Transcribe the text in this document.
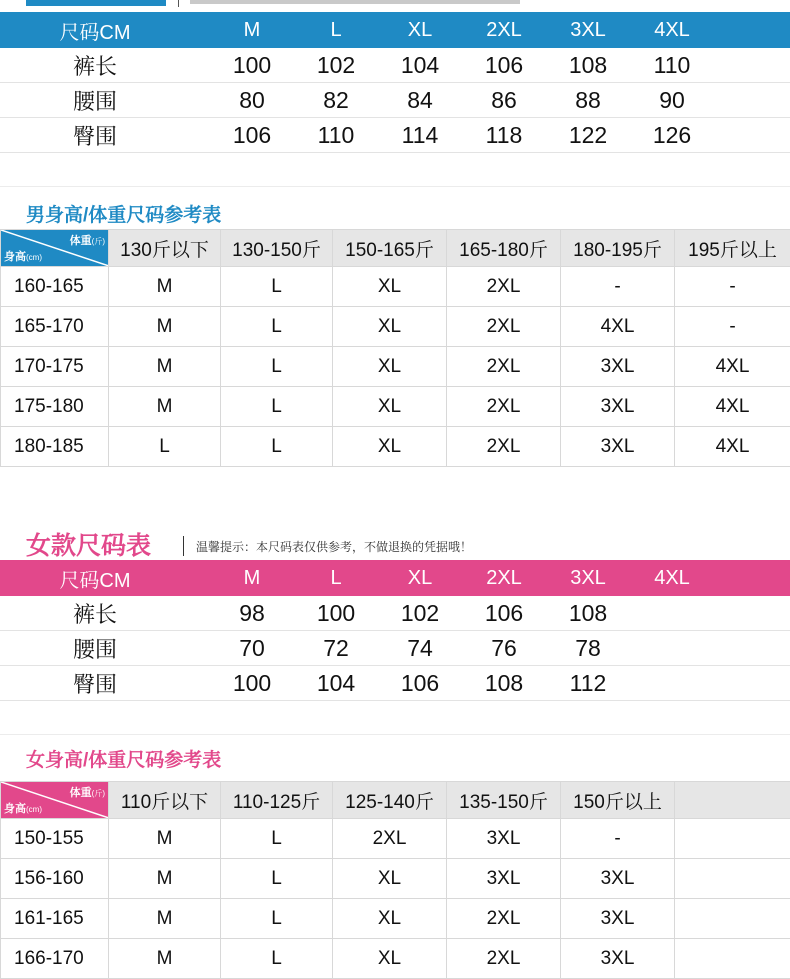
尺码CM	M	L	XL	2XL	3XL	4XL
裤长	100	102	104	106	108	110
腰围	80	82	84	86	88	90
臀围	106	110	114	118	122	126
男身高/体重尺码参考表
体重(斤)
身高(cm)	130斤以下	130-150斤	150-165斤	165-180斤	180-195斤	195斤以上
160-165	M	L	XL	2XL	-	-
165-170	M	L	XL	2XL	4XL	-
170-175	M	L	XL	2XL	3XL	4XL
175-180	M	L	XL	2XL	3XL	4XL
180-185	L	L	XL	2XL	3XL	4XL
女款尺码表	温馨提示：本尺码表仅供参考，不做退换的凭据哦！
尺码CM	M	L	XL	2XL	3XL	4XL
裤长	98	100	102	106	108
腰围	70	72	74	76	78
臀围	100	104	106	108	112
女身高/体重尺码参考表
体重(斤)
身高(cm)	110斤以下	110-125斤	125-140斤	135-150斤	150斤以上	
150-155	M	L	2XL	3XL	-	
156-160	M	L	XL	3XL	3XL	
161-165	M	L	XL	2XL	3XL	
166-170	M	L	XL	2XL	3XL	
